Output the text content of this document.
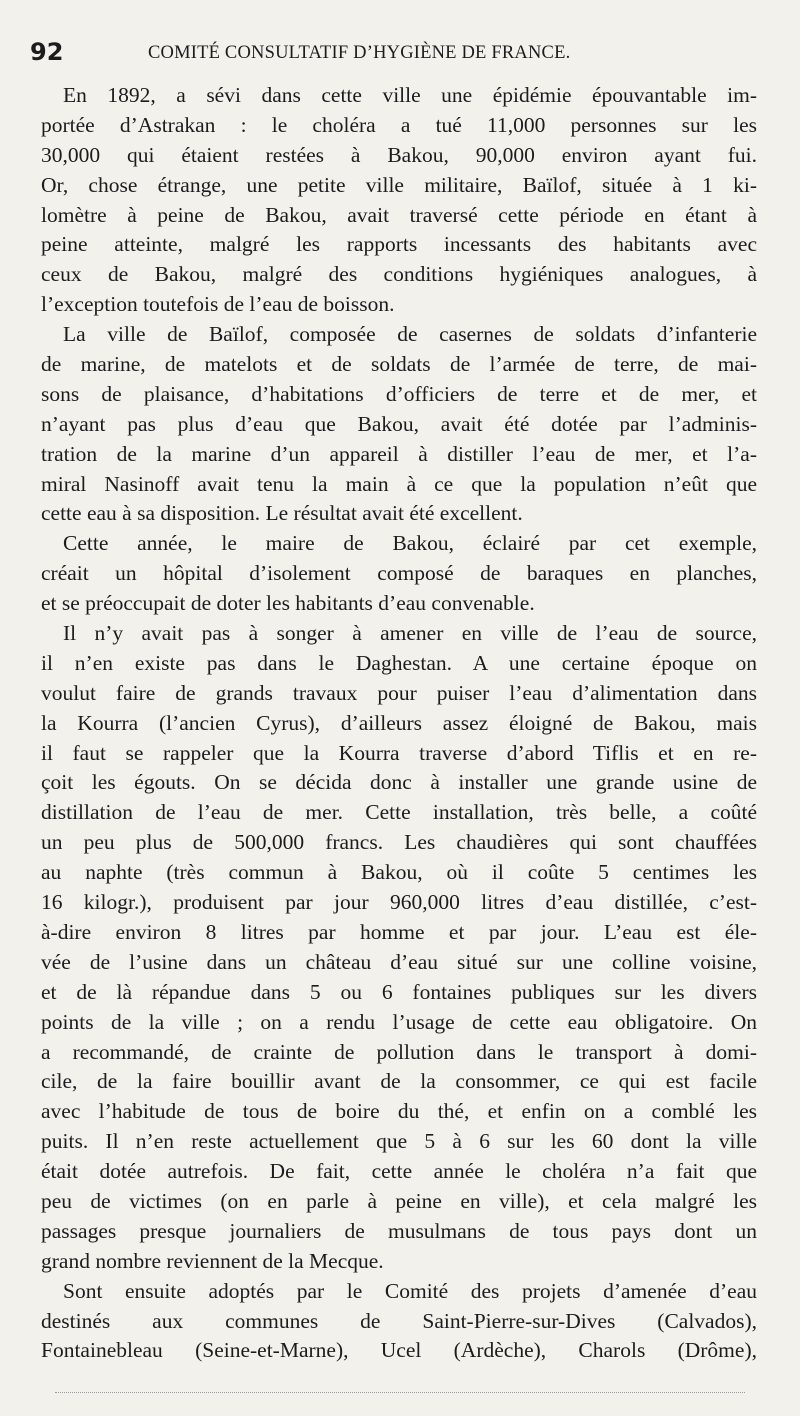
92	COMITÉ CONSULTATIF D’HYGIÈNE DE FRANCE.
En 1892, a sévi dans cette ville une épidémie épouvantable im-
portée d’Astrakan : le choléra a tué 11,000 personnes sur les
30,000 qui étaient restées à Bakou, 90,000 environ ayant fui.
Or, chose étrange, une petite ville militaire, Baïlof, située à 1 ki-
lomètre à peine de Bakou, avait traversé cette période en étant à
peine atteinte, malgré les rapports incessants des habitants avec
ceux de Bakou, malgré des conditions hygiéniques analogues, à
l’exception toutefois de l’eau de boisson.
La ville de Baïlof, composée de casernes de soldats d’infanterie
de marine, de matelots et de soldats de l’armée de terre, de mai-
sons de plaisance, d’habitations d’officiers de terre et de mer, et
n’ayant pas plus d’eau que Bakou, avait été dotée par l’adminis-
tration de la marine d’un appareil à distiller l’eau de mer, et l’a-
miral Nasinoff avait tenu la main à ce que la population n’eût que
cette eau à sa disposition. Le résultat avait été excellent.
Cette année, le maire de Bakou, éclairé par cet exemple,
créait un hôpital d’isolement composé de baraques en planches,
et se préoccupait de doter les habitants d’eau convenable.
Il n’y avait pas à songer à amener en ville de l’eau de source,
il n’en existe pas dans le Daghestan. A une certaine époque on
voulut faire de grands travaux pour puiser l’eau d’alimentation dans
la Kourra (l’ancien Cyrus), d’ailleurs assez éloigné de Bakou, mais
il faut se rappeler que la Kourra traverse d’abord Tiflis et en re-
çoit les égouts. On se décida donc à installer une grande usine de
distillation de l’eau de mer. Cette installation, très belle, a coûté
un peu plus de 500,000 francs. Les chaudières qui sont chauffées
au naphte (très commun à Bakou, où il coûte 5 centimes les
16 kilogr.), produisent par jour 960,000 litres d’eau distillée, c’est-
à-dire environ 8 litres par homme et par jour. L’eau est éle-
vée de l’usine dans un château d’eau situé sur une colline voisine,
et de là répandue dans 5 ou 6 fontaines publiques sur les divers
points de la ville ; on a rendu l’usage de cette eau obligatoire. On
a recommandé, de crainte de pollution dans le transport à domi-
cile, de la faire bouillir avant de la consommer, ce qui est facile
avec l’habitude de tous de boire du thé, et enfin on a comblé les
puits. Il n’en reste actuellement que 5 à 6 sur les 60 dont la ville
était dotée autrefois. De fait, cette année le choléra n’a fait que
peu de victimes (on en parle à peine en ville), et cela malgré les
passages presque journaliers de musulmans de tous pays dont un
grand nombre reviennent de la Mecque.
Sont ensuite adoptés par le Comité des projets d’amenée d’eau
destinés aux communes de Saint-Pierre-sur-Dives (Calvados),
Fontainebleau (Seine-et-Marne), Ucel (Ardèche), Charols (Drôme),
